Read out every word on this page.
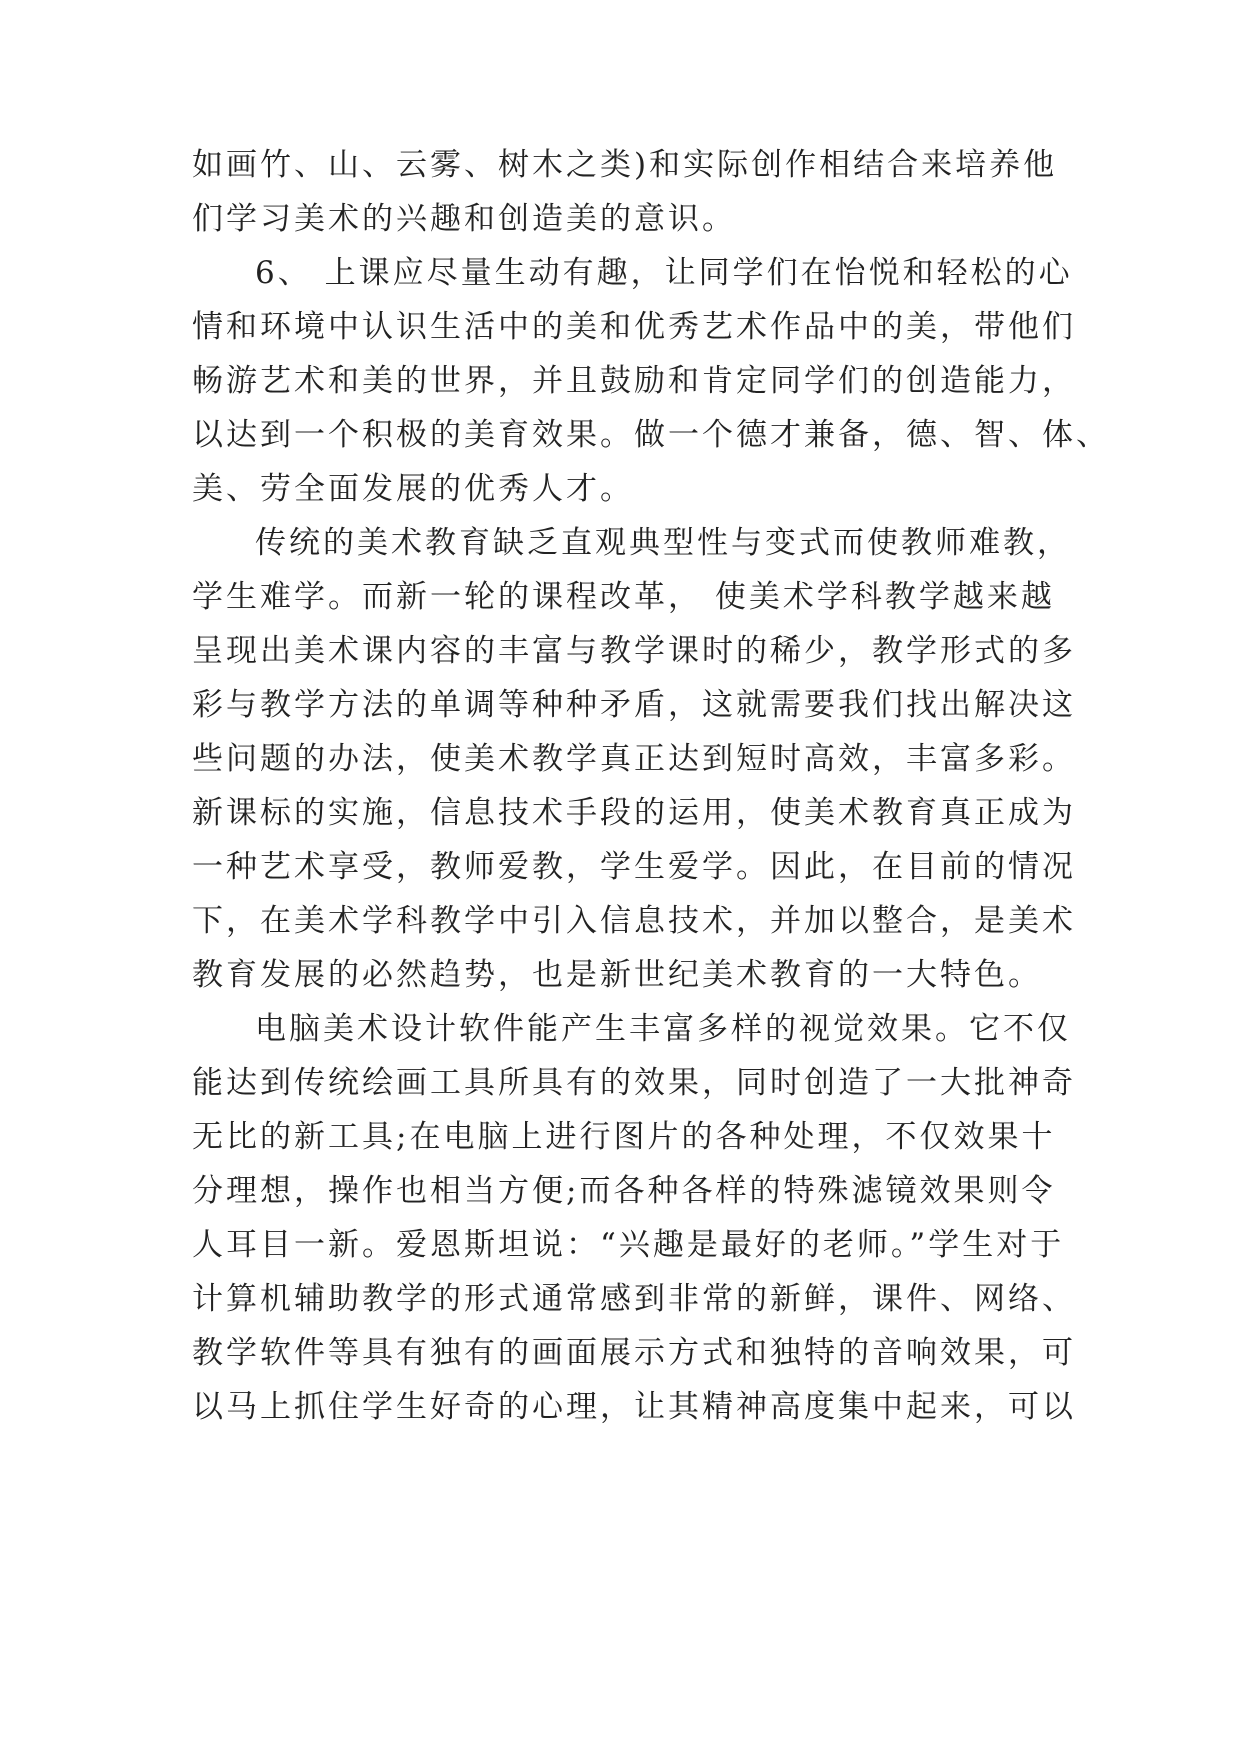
如画竹、山、云雾、树木之类)和实际创作相结合来培养他
们学习美术的兴趣和创造美的意识。
6、 上课应尽量生动有趣，让同学们在怡悦和轻松的心
情和环境中认识生活中的美和优秀艺术作品中的美，带他们
畅游艺术和美的世界，并且鼓励和肯定同学们的创造能力，
以达到一个积极的美育效果。做一个德才兼备，德、智、体、
美、劳全面发展的优秀人才。
传统的美术教育缺乏直观典型性与变式而使教师难教，
学生难学。而新一轮的课程改革， 使美术学科教学越来越
呈现出美术课内容的丰富与教学课时的稀少，教学形式的多
彩与教学方法的单调等种种矛盾，这就需要我们找出解决这
些问题的办法，使美术教学真正达到短时高效，丰富多彩。
新课标的实施，信息技术手段的运用，使美术教育真正成为
一种艺术享受，教师爱教，学生爱学。因此，在目前的情况
下，在美术学科教学中引入信息技术，并加以整合，是美术
教育发展的必然趋势，也是新世纪美术教育的一大特色。
电脑美术设计软件能产生丰富多样的视觉效果。它不仅
能达到传统绘画工具所具有的效果，同时创造了一大批神奇
无比的新工具;在电脑上进行图片的各种处理，不仅效果十
分理想，操作也相当方便;而各种各样的特殊滤镜效果则令
人耳目一新。爱恩斯坦说：“兴趣是最好的老师。”学生对于
计算机辅助教学的形式通常感到非常的新鲜，课件、网络、
教学软件等具有独有的画面展示方式和独特的音响效果，可
以马上抓住学生好奇的心理，让其精神高度集中起来，可以
